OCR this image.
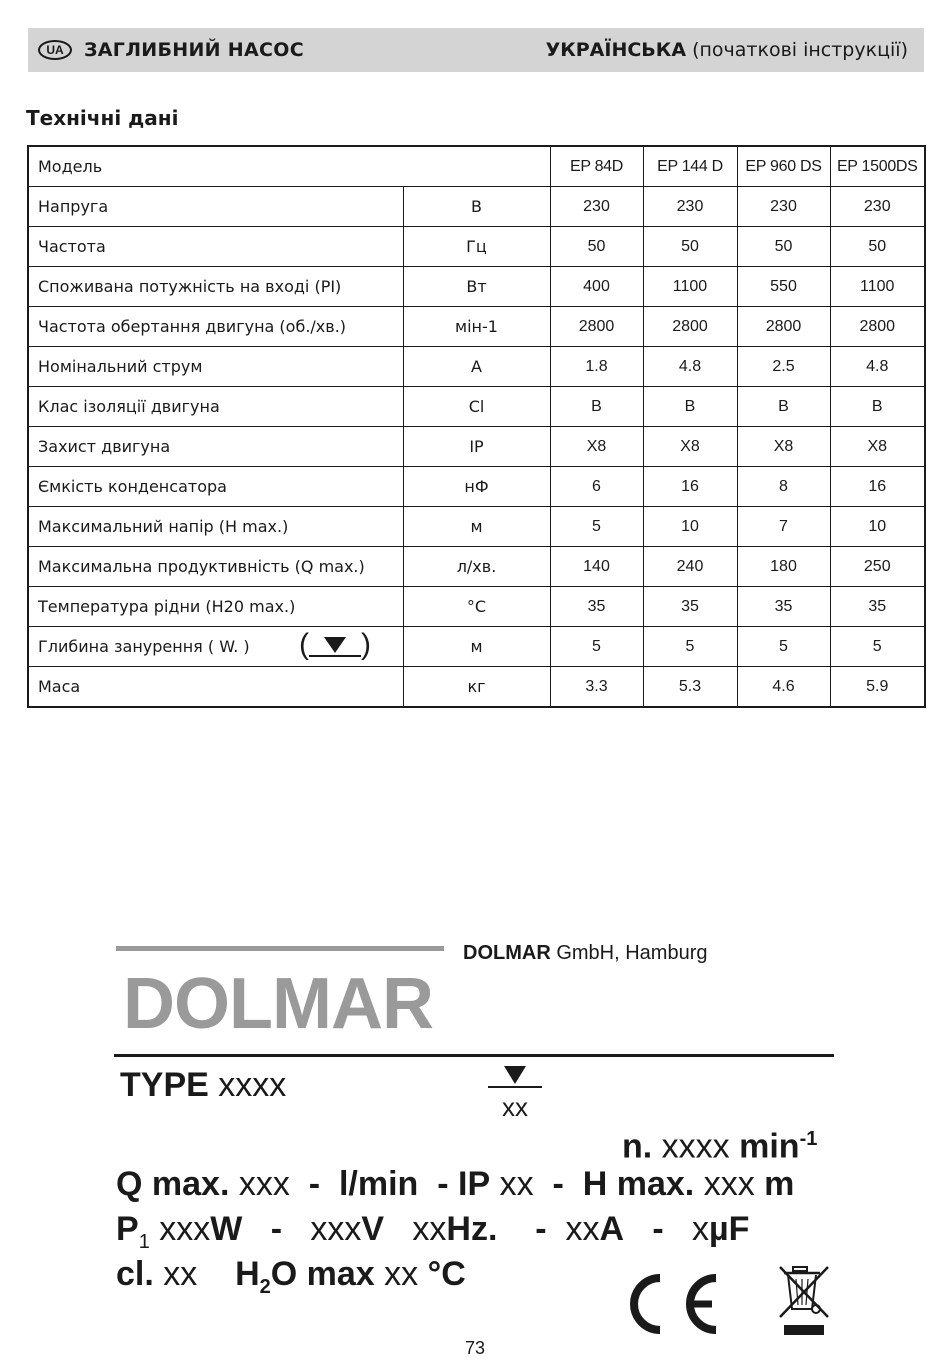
UA	ЗАГЛИБНИЙ НАСОС	УКРАЇНСЬКА (початкові інструкції)
Технічні дані
Модель		EP 84D	EP 144 D	EP 960 DS	EP 1500DS
Напруга	В	230	230	230	230
Частота	Гц	50	50	50	50
Споживана потужність на вході (PI)	Вт	400	1100	550	1100
Частота обертання двигуна (об./хв.)	мін-1	2800	2800	2800	2800
Номінальний струм	A	1.8	4.8	2.5	4.8
Клас ізоляції двигуна	Cl	B	B	B	B
Захист двигуна	IP	X8	X8	X8	X8
Ємкість конденсатора	нФ	6	16	8	16
Максимальний напір (H max.)	м	5	10	7	10
Максимальна продуктивність (Q max.)	л/хв.	140	240	180	250
Температура рідни (H20 max.)	°C	35	35	35	35
Глибина занурення ( W. ) ( )	м	5	5	5	5
Маса	кг	3.3	5.3	4.6	5.9
DOLMAR GmbH, Hamburg
DOLMAR
TYPE xxxx
xx
n. xxxx $\min^{-1}$
Q max. xxx - l/min - IP xx - H max. xxx m
$P_1$ xxxW - xxxV xxHz. - xxA - xµF
cl. xx $H_2O$ max xx °C
73
